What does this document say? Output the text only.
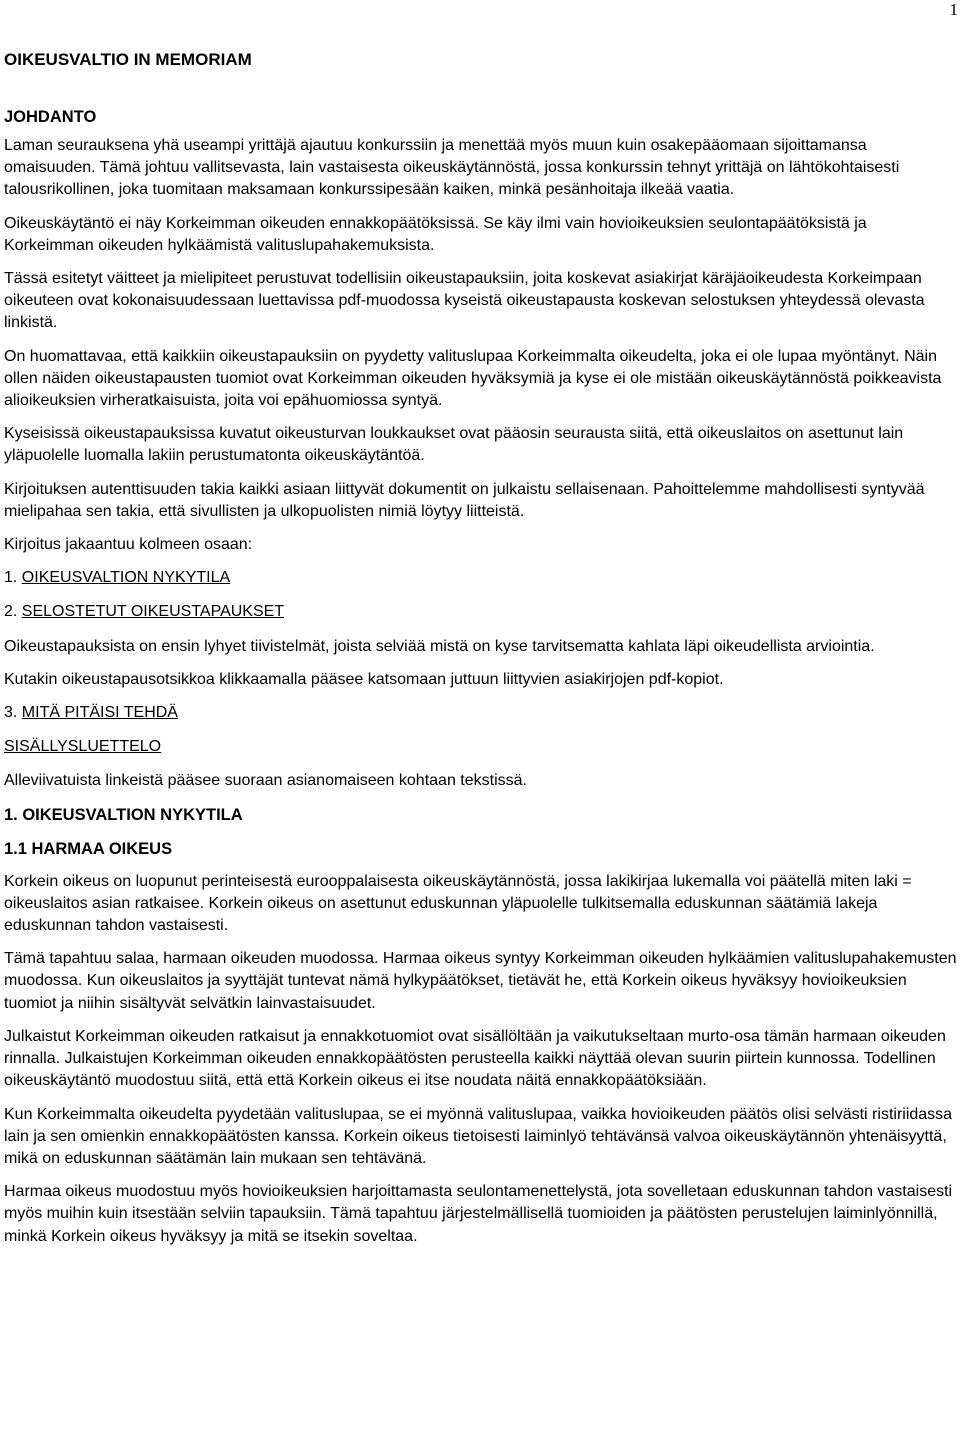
1
OIKEUSVALTIO IN MEMORIAM
JOHDANTO

Laman seurauksena yhä useampi yrittäjä ajautuu konkurssiin ja menettää myös muun kuin osakepääomaan sijoittamansa omaisuuden. Tämä johtuu vallitsevasta, lain vastaisesta oikeuskäytännöstä, jossa konkurssin tehnyt yrittäjä on lähtökohtaisesti talousrikollinen, joka tuomitaan maksamaan konkurssipesään kaiken, minkä pesänhoitaja ilkeää vaatia.

Oikeuskäytäntö ei näy Korkeimman oikeuden ennakkopäätöksissä. Se käy ilmi vain hovioikeuksien seulontapäätöksistä ja Korkeimman oikeuden hylkäämistä valituslupahakemuksista.

Tässä esitetyt väitteet ja mielipiteet perustuvat todellisiin oikeustapauksiin, joita koskevat asiakirjat käräjäoikeudesta Korkeimpaan oikeuteen ovat kokonaisuudessaan luettavissa pdf-muodossa kyseistä oikeustapausta koskevan selostuksen yhteydessä olevasta linkistä.

On huomattavaa, että kaikkiin oikeustapauksiin on pyydetty valituslupaa Korkeimmalta oikeudelta, joka ei ole lupaa myöntänyt. Näin ollen näiden oikeustapausten tuomiot ovat Korkeimman oikeuden hyväksymiä ja kyse ei ole mistään oikeuskäytännöstä poikkeavista alioikeuksien virheratkaisuista, joita voi epähuomiossa syntyä.

Kyseisissä oikeustapauksissa kuvatut oikeusturvan loukkaukset ovat pääosin seurausta siitä, että oikeuslaitos on asettunut lain yläpuolelle luomalla lakiin perustumatonta oikeuskäytäntöä.

Kirjoituksen autenttisuuden takia kaikki asiaan liittyvät dokumentit on julkaistu sellaisenaan. Pahoittelemme mahdollisesti syntyvää mielipahaa sen takia, että sivullisten ja ulkopuolisten nimiä löytyy liitteistä.

Kirjoitus jakaantuu kolmeen osaan:

1. OIKEUSVALTION NYKYTILA

2. SELOSTETUT OIKEUSTAPAUKSET

Oikeustapauksista on ensin lyhyet tiivistelmät, joista selviää mistä on kyse tarvitsematta kahlata läpi oikeudellista arviointia.

Kutakin oikeustapausotsikkoa klikkaamalla pääsee katsomaan juttuun liittyvien asiakirjojen pdf-kopiot.

3. MITÄ PITÄISI TEHDÄ

SISÄLLYSLUETTELO

Alleviivatuista linkeistä pääsee suoraan asianomaiseen kohtaan tekstissä.

1. OIKEUSVALTION NYKYTILA
1.1 HARMAA OIKEUS

Korkein oikeus on luopunut perinteisestä eurooppalaisesta oikeuskäytännöstä, jossa lakikirjaa lukemalla voi päätellä miten laki = oikeuslaitos asian ratkaisee. Korkein oikeus on asettunut eduskunnan yläpuolelle tulkitsemalla eduskunnan säätämiä lakeja eduskunnan tahdon vastaisesti.

Tämä tapahtuu salaa, harmaan oikeuden muodossa. Harmaa oikeus syntyy Korkeimman oikeuden hylkäämien valituslupahakemusten muodossa. Kun oikeuslaitos ja syyttäjät tuntevat nämä hylkypäätökset, tietävät he, että Korkein oikeus hyväksyy hovioikeuksien tuomiot ja niihin sisältyvät selvätkin lainvastaisuudet.

Julkaistut Korkeimman oikeuden ratkaisut ja ennakkotuomiot ovat sisällöltään ja vaikutukseltaan murto-osa tämän harmaan oikeuden rinnalla. Julkaistujen Korkeimman oikeuden ennakkopäätösten perusteella kaikki näyttää olevan suurin piirtein kunnossa. Todellinen oikeuskäytäntö muodostuu siitä, että että Korkein oikeus ei itse noudata näitä ennakkopäätöksiään.

Kun Korkeimmalta oikeudelta pyydetään valituslupaa, se ei myönnä valituslupaa, vaikka hovioikeuden päätös olisi selvästi ristiriidassa lain ja sen omienkin ennakkopäätösten kanssa. Korkein oikeus tietoisesti laiminlyö tehtävänsä valvoa oikeuskäytännön yhtenäisyyttä, mikä on eduskunnan säätämän lain mukaan sen tehtävänä.

Harmaa oikeus muodostuu myös hovioikeuksien harjoittamasta seulontamenettelystä, jota sovelletaan eduskunnan tahdon vastaisesti myös muihin kuin itsestään selviin tapauksiin. Tämä tapahtuu järjestelmällisellä tuomioiden ja päätösten perustelujen laiminlyönnillä, minkä Korkein oikeus hyväksyy ja mitä se itsekin soveltaa.
